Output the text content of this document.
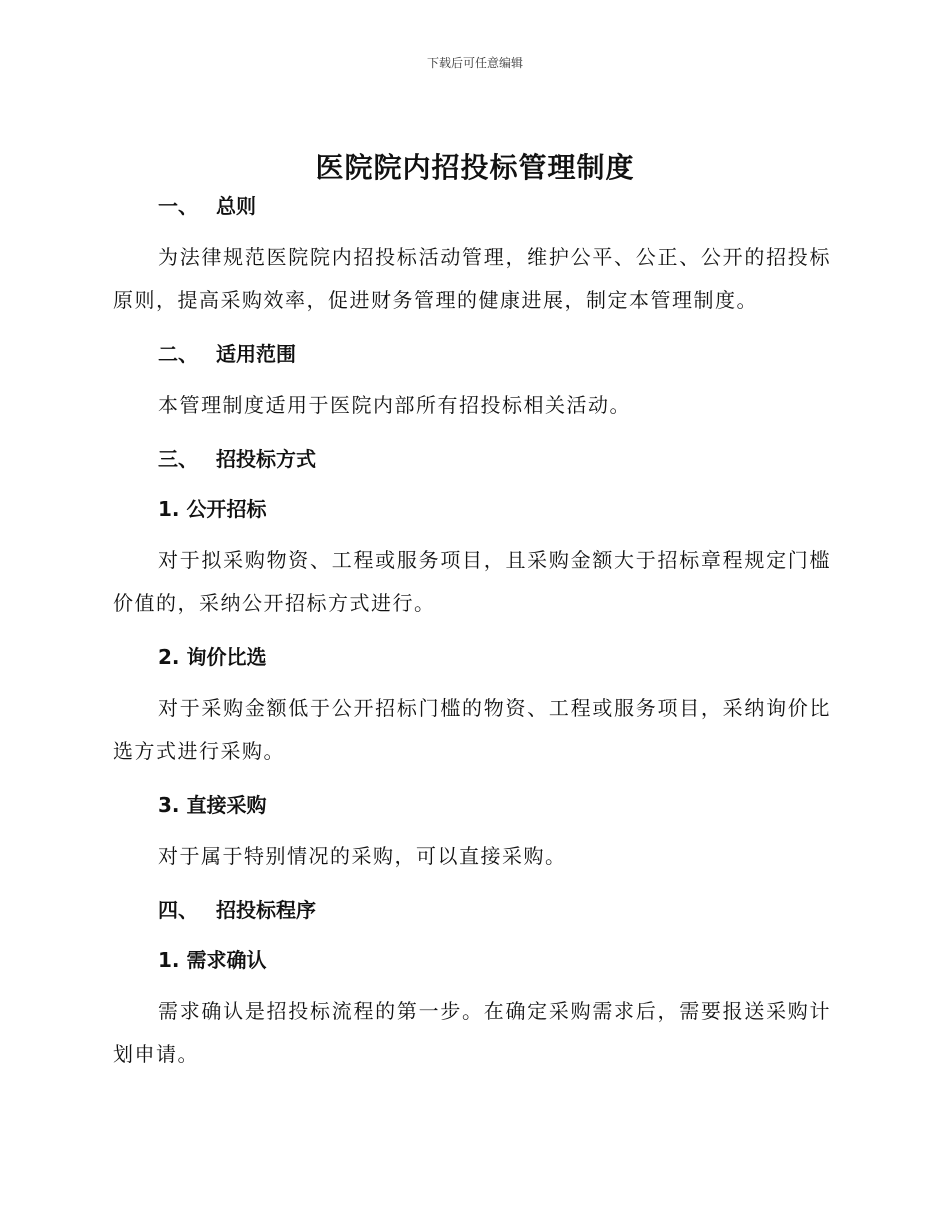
下载后可任意编辑
医院院内招投标管理制度
一、 总则

为法律规范医院院内招投标活动管理，维护公平、公正、公开的招投标原则，提高采购效率，促进财务管理的健康进展，制定本管理制度。

二、 适用范围

本管理制度适用于医院内部所有招投标相关活动。

三、 招投标方式
1. 公开招标

对于拟采购物资、工程或服务项目，且采购金额大于招标章程规定门槛价值的，采纳公开招标方式进行。

2. 询价比选

对于采购金额低于公开招标门槛的物资、工程或服务项目，采纳询价比选方式进行采购。

3. 直接采购

对于属于特别情况的采购，可以直接采购。

四、 招投标程序
1. 需求确认

需求确认是招投标流程的第一步。在确定采购需求后，需要报送采购计划申请。
